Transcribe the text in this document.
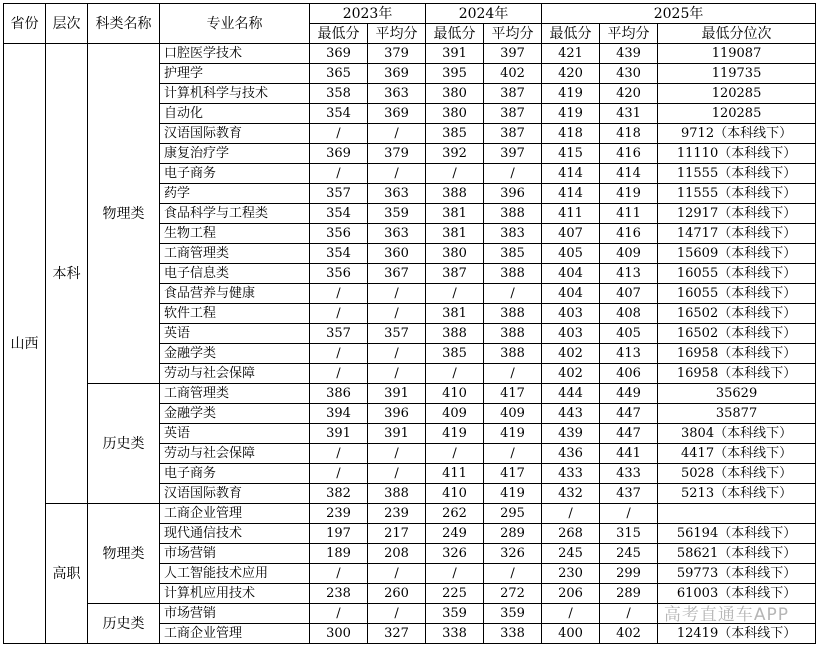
省份	层次	科类名称	专业名称	2023年		2024年		2025年		
				最低分	平均分	最低分	平均分	最低分	平均分	最低分位次
山西	本科	物理类	口腔医学技术	369	379	391	397	421	439	119087
			护理学	365	369	395	402	420	430	119735
			计算机科学与技术	358	363	380	387	419	420	120285
			自动化	354	369	380	387	419	431	120285
			汉语国际教育	/	/	385	387	418	418	9712（本科线下）
			康复治疗学	369	379	392	397	415	416	11110（本科线下）
			电子商务	/	/	/	/	414	414	11555（本科线下）
			药学	357	363	388	396	414	419	11555（本科线下）
			食品科学与工程类	354	359	381	388	411	411	12917（本科线下）
			生物工程	356	363	381	383	407	416	14717（本科线下）
			工商管理类	354	360	380	385	405	409	15609（本科线下）
			电子信息类	356	367	387	388	404	413	16055（本科线下）
			食品营养与健康	/	/	/	/	404	407	16055（本科线下）
			软件工程	/	/	381	388	403	408	16502（本科线下）
			英语	357	357	388	388	403	405	16502（本科线下）
			金融学类	/	/	385	388	402	413	16958（本科线下）
			劳动与社会保障	/	/	/	/	402	406	16958（本科线下）
		历史类	工商管理类	386	391	410	417	444	449	35629
			金融学类	394	396	409	409	443	447	35877
			英语	391	391	419	419	439	447	3804（本科线下）
			劳动与社会保障	/	/	/	/	436	441	4417（本科线下）
			电子商务	/	/	411	417	433	433	5028（本科线下）
			汉语国际教育	382	388	410	419	432	437	5213（本科线下）
	高职	物理类	工商企业管理	239	239	262	295	/	/	
			现代通信技术	197	217	249	289	268	315	56194（本科线下）
			市场营销	189	208	326	326	245	245	58621（本科线下）
			人工智能技术应用	/	/	/	/	230	299	59773（本科线下）
			计算机应用技术	238	260	225	272	206	289	61003（本科线下）
		历史类	市场营销	/	/	359	359	/	/	
			工商企业管理	300	327	338	338	400	402	12419（本科线下）
高考直通车APP
